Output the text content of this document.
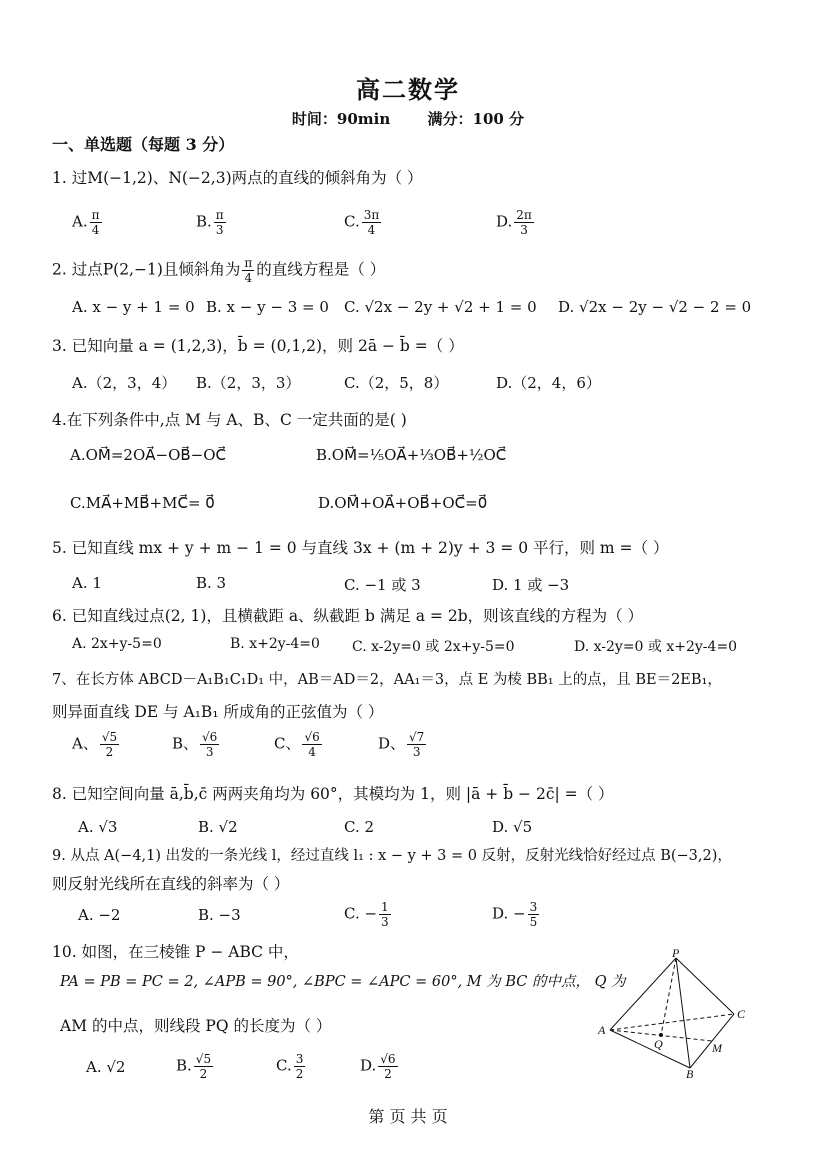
高二数学
时间：90min 满分：100 分
一、单选题（每题 3 分）
1. 过M(−1,2)、N(−2,3)两点的直线的倾斜角为（ ）
A. $\frac{\pi}{4}$	B. $\frac{\pi}{3}$	C. $\frac{3\pi}{4}$	D. $\frac{2\pi}{3}$
2. 过点P(2,−1)且倾斜角为 $\frac{\pi}{4}$ 的直线方程是（ ）
A. x − y + 1 = 0 B. x − y − 3 = 0 C. √2x − 2y + √2 + 1 = 0 D. √2x − 2y − √2 − 2 = 0
3. 已知向量 a = (1,2,3)，b̄ = (0,1,2)，则 2ā − b̄ =（ ）
A.（2，3，4） B.（2，3，3）	C.（2，5，8）	D.（2，4，6）
4.在下列条件中,点 M 与 A、B、C 一定共面的是( )
A.OM⃗=2OA⃗−OB⃗−OC⃗	B.OM⃗=⅕OA⃗+⅓OB⃗+½OC⃗
C.MA⃗+MB⃗+MC⃗= 0⃗	D.OM⃗+OA⃗+OB⃗+OC⃗=0⃗
5. 已知直线 mx + y + m − 1 = 0 与直线 3x + (m + 2)y + 3 = 0 平行，则 m =（ ）
A. 1	B. 3	C. −1 或 3	D. 1 或 −3
6. 已知直线过点(2, 1)，且横截距 a、纵截距 b 满足 a = 2b，则该直线的方程为（ ）
A. 2x+y-5=0	B. x+2y-4=0 C. x-2y=0 或 2x+y-5=0	D. x-2y=0 或 x+2y-4=0
7、在长方体 ABCD－A₁B₁C₁D₁ 中，AB＝AD＝2，AA₁＝3，点 E 为棱 BB₁ 上的点，且 BE＝2EB₁，
则异面直线 DE 与 A₁B₁ 所成角的正弦值为（ ）
A、 $\frac{√5}{2}$	B、 $\frac{√6}{3}$	C、 $\frac{√6}{4}$	D、 $\frac{√7}{3}$
8. 已知空间向量 ā,b̄,c̄ 两两夹角均为 60°，其模均为 1，则 |ā + b̄ − 2c̄| =（ ）
A. √3	B. √2	C. 2	D. √5
9. 从点 A(−4,1) 出发的一条光线 l，经过直线 l₁ : x − y + 3 = 0 反射，反射光线恰好经过点 B(−3,2)，
则反射光线所在直线的斜率为（ ）
A. −2	B. −3	C. − $\frac{1}{3}$	D. − $\frac{3}{5}$
10. 如图，在三棱锥 P − ABC 中，
PA = PB = PC = 2, ∠APB = 90°, ∠BPC = ∠APC = 60°, M 为 BC 的中点， Q 为
AM 的中点，则线段 PQ 的长度为（ ）
A. √2	B. $\frac{√5}{2}$	C. $\frac{3}{2}$	D. $\frac{√6}{2}$
P
A
B
C
Q	M
第 页 共 页
